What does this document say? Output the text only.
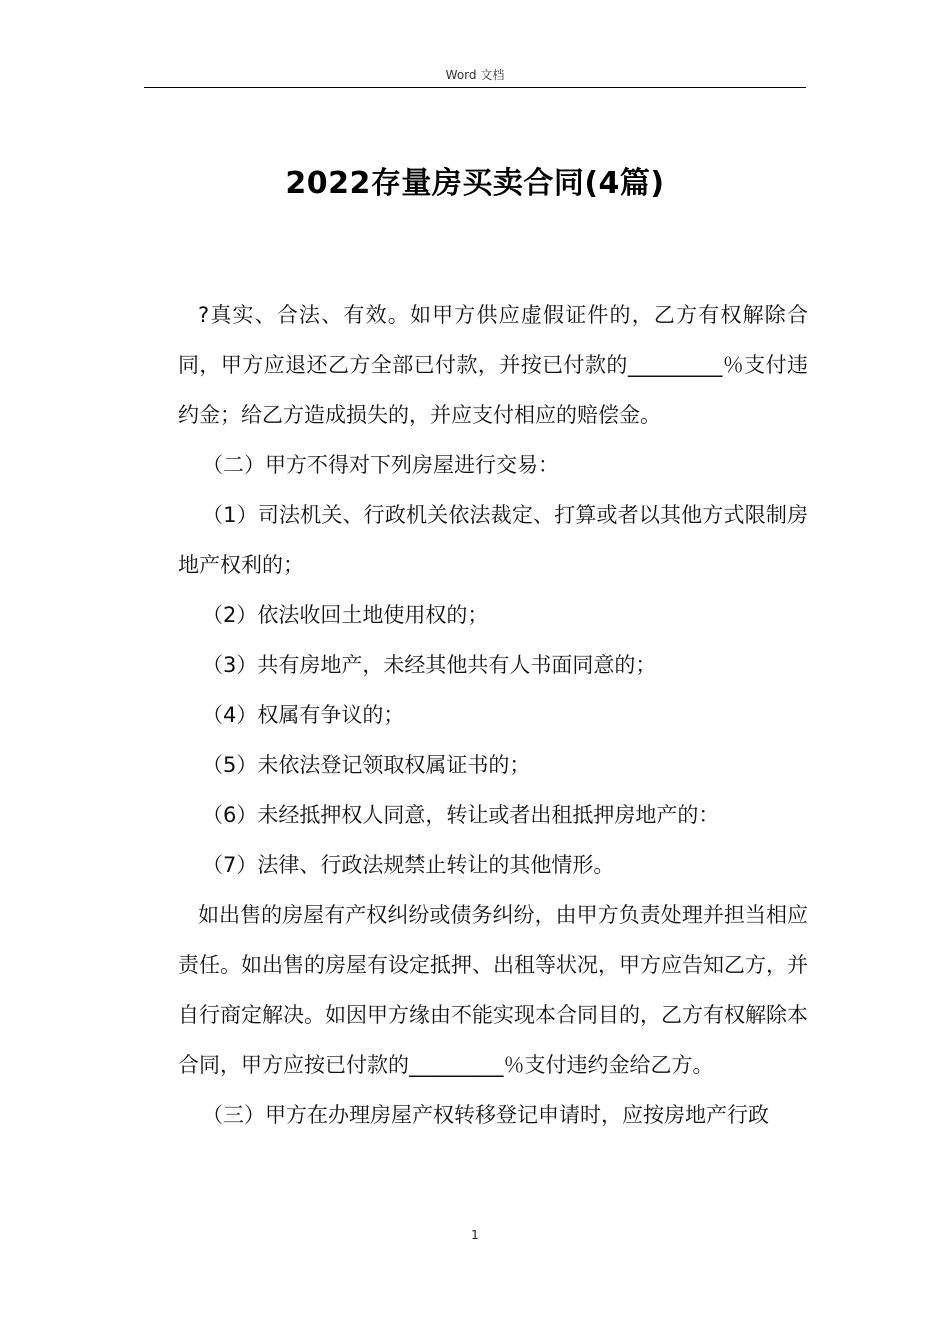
Word 文档
2022存量房买卖合同(4篇)

?真实、合法、有效。如甲方供应虚假证件的，乙方有权解除合同，甲方应退还乙方全部已付款，并按已付款的_________％支付违约金；给乙方造成损失的，并应支付相应的赔偿金。

（二）甲方不得对下列房屋进行交易：

（1）司法机关、行政机关依法裁定、打算或者以其他方式限制房地产权利的；

（2）依法收回土地使用权的；

（3）共有房地产，未经其他共有人书面同意的；

（4）权属有争议的；

（5）未依法登记领取权属证书的；

（6）未经抵押权人同意，转让或者出租抵押房地产的：

（7）法律、行政法规禁止转让的其他情形。

如出售的房屋有产权纠纷或债务纠纷，由甲方负责处理并担当相应责任。如出售的房屋有设定抵押、出租等状况，甲方应告知乙方，并自行商定解决。如因甲方缘由不能实现本合同目的，乙方有权解除本合同，甲方应按已付款的_________％支付违约金给乙方。

（三）甲方在办理房屋产权转移登记申请时，应按房地产行政

1
